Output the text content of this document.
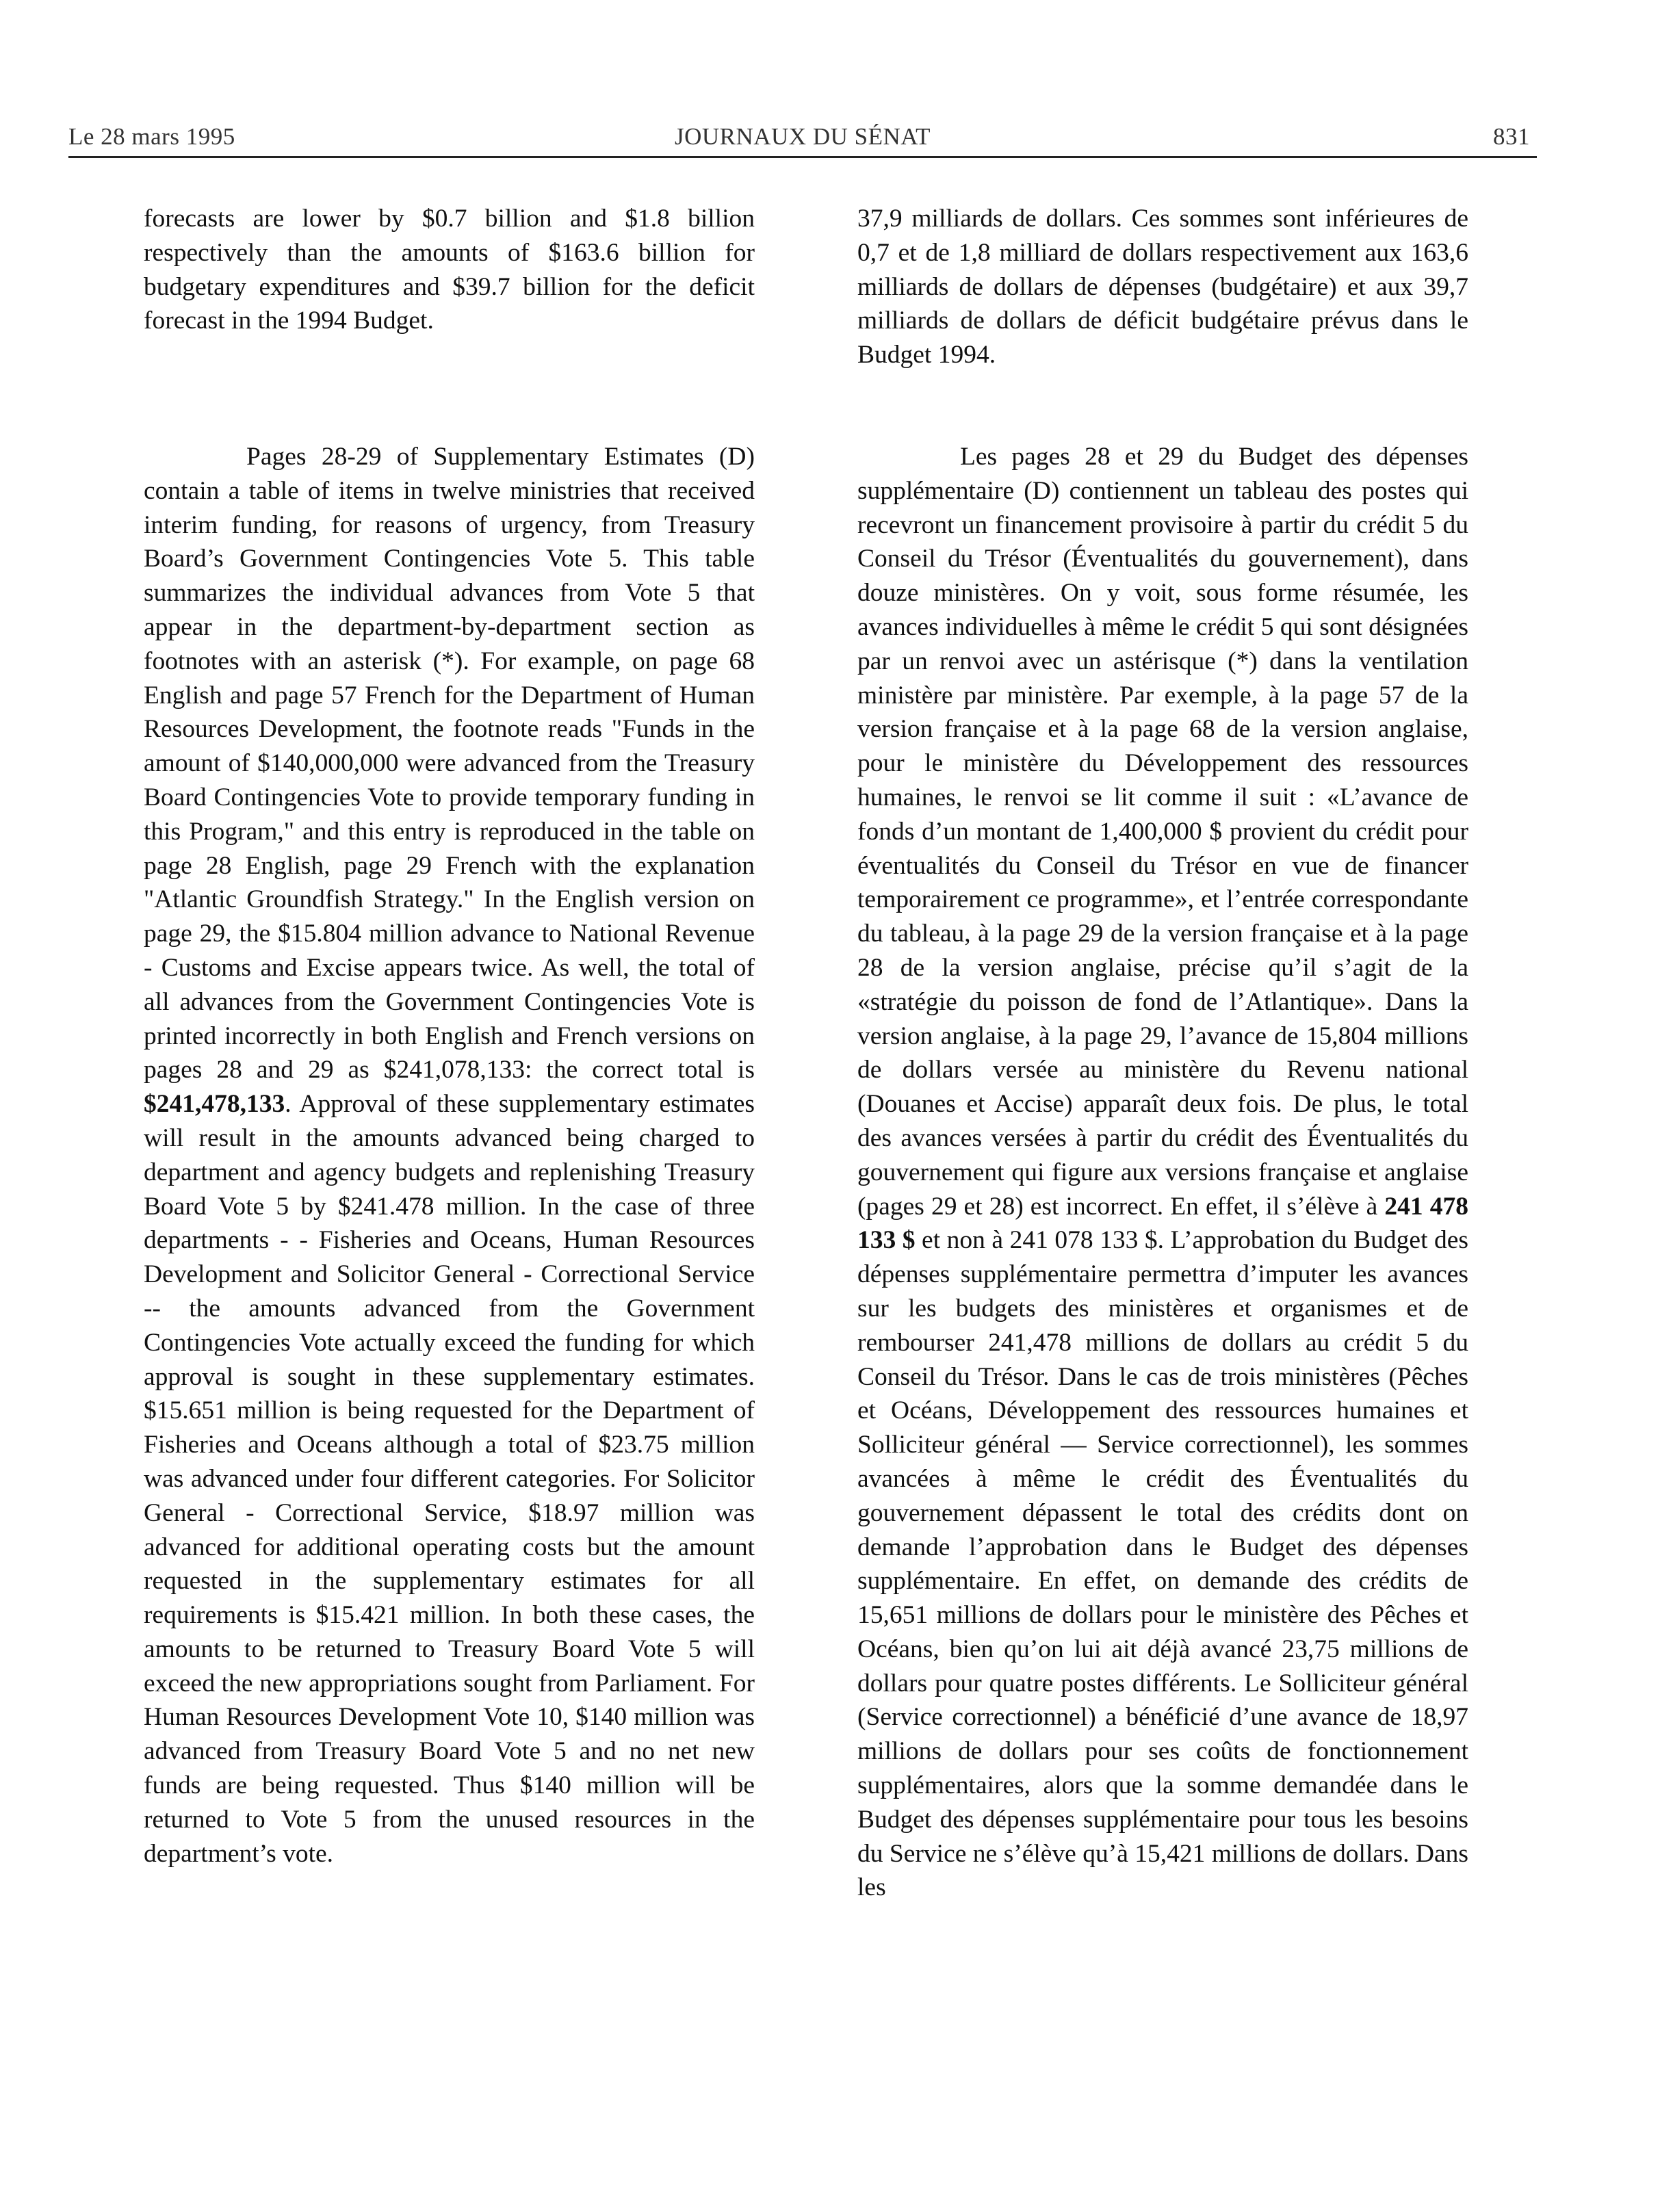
Le 28 mars 1995	JOURNAUX DU SÉNAT	831

forecasts are lower by $0.7 billion and $1.8 billion respectively than the amounts of $163.6 billion for budgetary expenditures and $39.7 billion for the deficit forecast in the 1994 Budget.

Pages 28-29 of Supplementary Estimates (D) contain a table of items in twelve ministries that received interim funding, for reasons of urgency, from Treasury Board’s Government Contingencies Vote 5. This table summarizes the individual advances from Vote 5 that appear in the department-by-department section as footnotes with an asterisk (*). For example, on page 68 English and page 57 French for the Department of Human Resources Development, the footnote reads "Funds in the amount of $140,000,000 were advanced from the Treasury Board Contingencies Vote to provide temporary funding in this Program," and this entry is reproduced in the table on page 28 English, page 29 French with the explanation "Atlantic Groundfish Strategy." In the English version on page 29, the $15.804 million advance to National Revenue - Customs and Excise appears twice. As well, the total of all advances from the Government Contingencies Vote is printed incorrectly in both English and French versions on pages 28 and 29 as $241,078,133: the correct total is $241,478,133. Approval of these supplementary estimates will result in the amounts advanced being charged to department and agency budgets and replenishing Treasury Board Vote 5 by $241.478 million. In the case of three departments - - Fisheries and Oceans, Human Resources Development and Solicitor General - Correctional Service -- the amounts advanced from the Government Contingencies Vote actually exceed the funding for which approval is sought in these supplementary estimates. $15.651 million is being requested for the Department of Fisheries and Oceans although a total of $23.75 million was advanced under four different categories. For Solicitor General - Correctional Service, $18.97 million was advanced for additional operating costs but the amount requested in the supplementary estimates for all requirements is $15.421 million. In both these cases, the amounts to be returned to Treasury Board Vote 5 will exceed the new appropriations sought from Parliament. For Human Resources Development Vote 10, $140 million was advanced from Treasury Board Vote 5 and no net new funds are being requested. Thus $140 million will be returned to Vote 5 from the unused resources in the department’s vote.

37,9 milliards de dollars. Ces sommes sont inférieures de 0,7 et de 1,8 milliard de dollars respectivement aux 163,6 milliards de dollars de dépenses (budgétaire) et aux 39,7 milliards de dollars de déficit budgétaire prévus dans le Budget 1994.

Les pages 28 et 29 du Budget des dépenses supplémentaire (D) contiennent un tableau des postes qui recevront un financement provisoire à partir du crédit 5 du Conseil du Trésor (Éventualités du gouvernement), dans douze ministères. On y voit, sous forme résumée, les avances individuelles à même le crédit 5 qui sont désignées par un renvoi avec un astérisque (*) dans la ventilation ministère par ministère. Par exemple, à la page 57 de la version française et à la page 68 de la version anglaise, pour le ministère du Développement des ressources humaines, le renvoi se lit comme il suit : «L’avance de fonds d’un montant de 1,400,000 $ provient du crédit pour éventualités du Conseil du Trésor en vue de financer temporairement ce programme», et l’entrée correspondante du tableau, à la page 29 de la version française et à la page 28 de la version anglaise, précise qu’il s’agit de la «stratégie du poisson de fond de l’Atlantique». Dans la version anglaise, à la page 29, l’avance de 15,804 millions de dollars versée au ministère du Revenu national (Douanes et Accise) apparaît deux fois. De plus, le total des avances versées à partir du crédit des Éventualités du gouvernement qui figure aux versions française et anglaise (pages 29 et 28) est incorrect. En effet, il s’élève à 241 478 133 $ et non à 241 078 133 $. L’approbation du Budget des dépenses supplémentaire permettra d’imputer les avances sur les budgets des ministères et organismes et de rembourser 241,478 millions de dollars au crédit 5 du Conseil du Trésor. Dans le cas de trois ministères (Pêches et Océans, Développement des ressources humaines et Solliciteur général — Service correctionnel), les sommes avancées à même le crédit des Éventualités du gouvernement dépassent le total des crédits dont on demande l’approbation dans le Budget des dépenses supplémentaire. En effet, on demande des crédits de 15,651 millions de dollars pour le ministère des Pêches et Océans, bien qu’on lui ait déjà avancé 23,75 millions de dollars pour quatre postes différents. Le Solliciteur général (Service correctionnel) a bénéficié d’une avance de 18,97 millions de dollars pour ses coûts de fonctionnement supplémentaires, alors que la somme demandée dans le Budget des dépenses supplémentaire pour tous les besoins du Service ne s’élève qu’à 15,421 millions de dollars. Dans les
